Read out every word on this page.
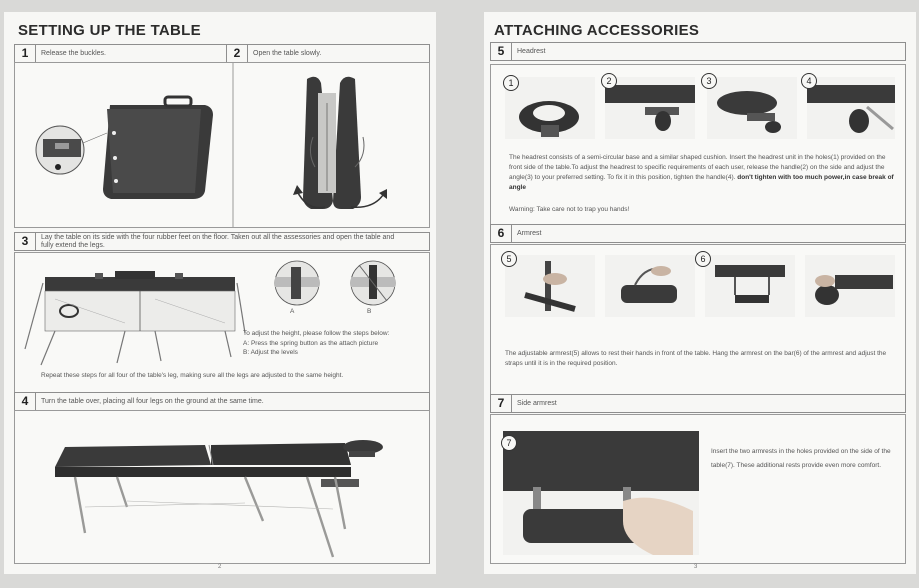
SETTING UP THE TABLE
1	Release the buckles.	2	Open the table slowly.
3	Lay the table on its side with the four rubber feet on the floor. Taken out all the assessories and open the table and fully extend the legs.
A	B
To adjust the height, please follow the steps below:
A: Press the spring button as the attach picture
B: Adjust the levels
Repeat these steps for all four of the table's leg, making sure all the legs are adjusted to the same height.
4	Turn the table over, placing all four legs on the ground at the same time.
2
ATTACHING ACCESSORIES
5	Headrest
1	2	3	4
The headrest consists of a semi-circular base and a similar shaped cushion. Insert the headrest unit in the holes(1) provided on the front side of the table.To adjust the headrest to specific requirements of each user, release the handle(2) on the side and adjust the angle(3) to your preferred setting. To fix it in this position, tighten the handle(4). don't tighten with too much power,in case break of angle
Warning: Take care not to trap you hands!
6	Armrest
5	6
The adjustable armrest(5) allows to rest their hands in front of the table. Hang the armrest on the bar(6) of the armrest and adjust the straps until it is in the required position.
7	Side armrest
7
Insert the two armrests in the holes provided on the side of the table(7). These additional rests provide even more comfort.
3
